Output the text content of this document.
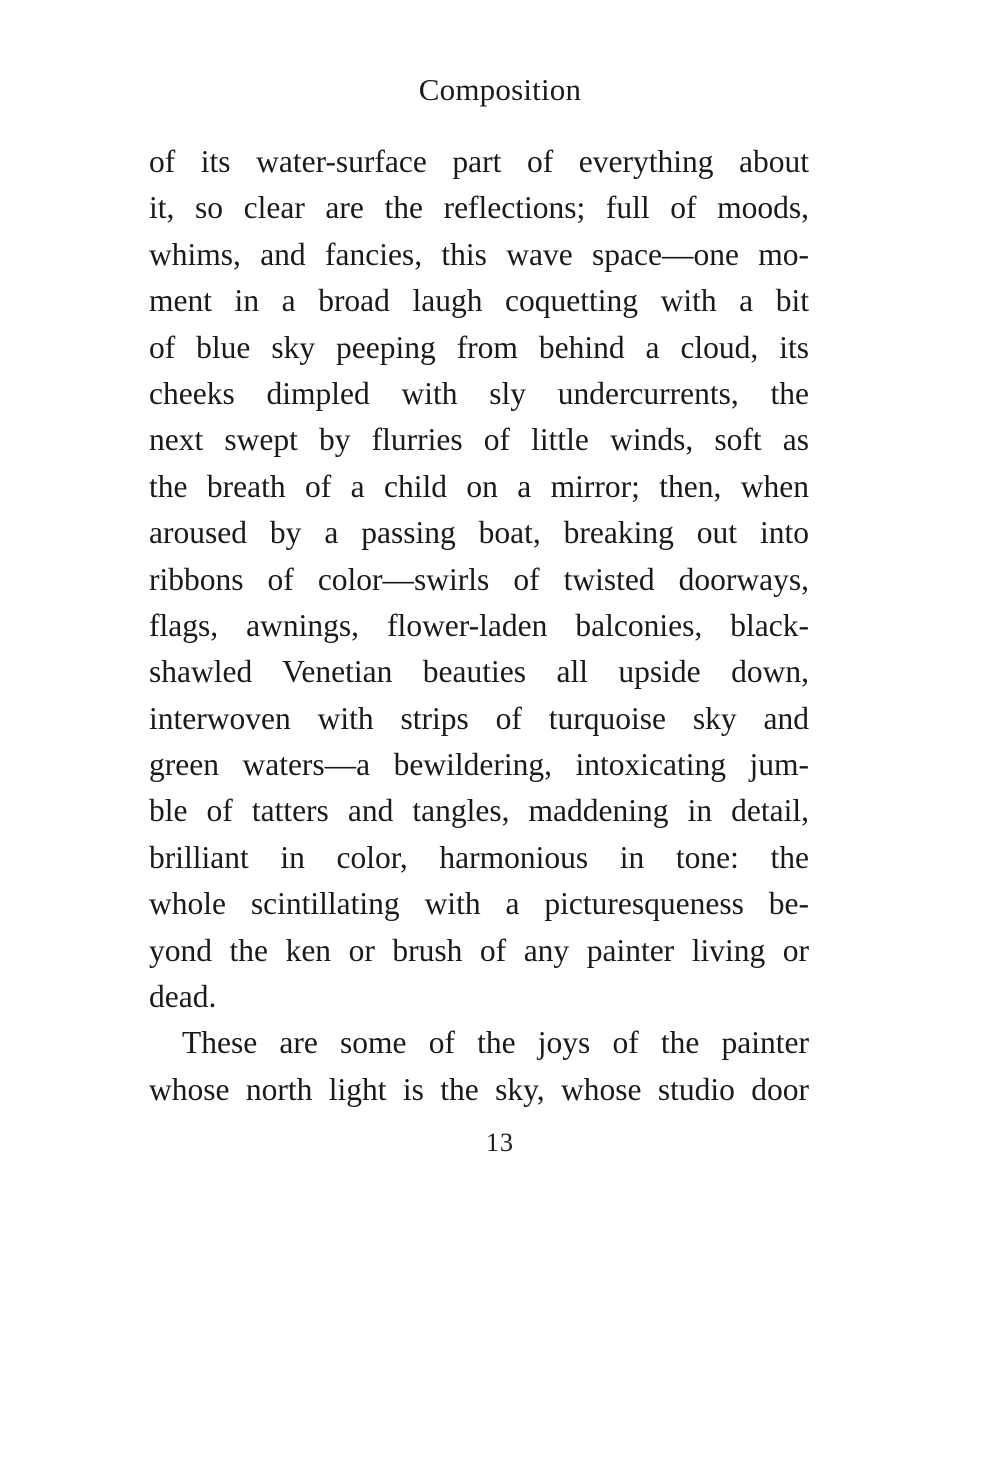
Composition
of its water-surface part of everything about
it, so clear are the reflections; full of moods,
whims, and fancies, this wave space—one mo-
ment in a broad laugh coquetting with a bit
of blue sky peeping from behind a cloud, its
cheeks dimpled with sly undercurrents, the
next swept by flurries of little winds, soft as
the breath of a child on a mirror; then, when
aroused by a passing boat, breaking out into
ribbons of color—swirls of twisted doorways,
flags, awnings, flower-laden balconies, black-
shawled Venetian beauties all upside down,
interwoven with strips of turquoise sky and
green waters—a bewildering, intoxicating jum-
ble of tatters and tangles, maddening in detail,
brilliant in color, harmonious in tone: the
whole scintillating with a picturesqueness be-
yond the ken or brush of any painter living or
dead.
These are some of the joys of the painter
whose north light is the sky, whose studio door
13
